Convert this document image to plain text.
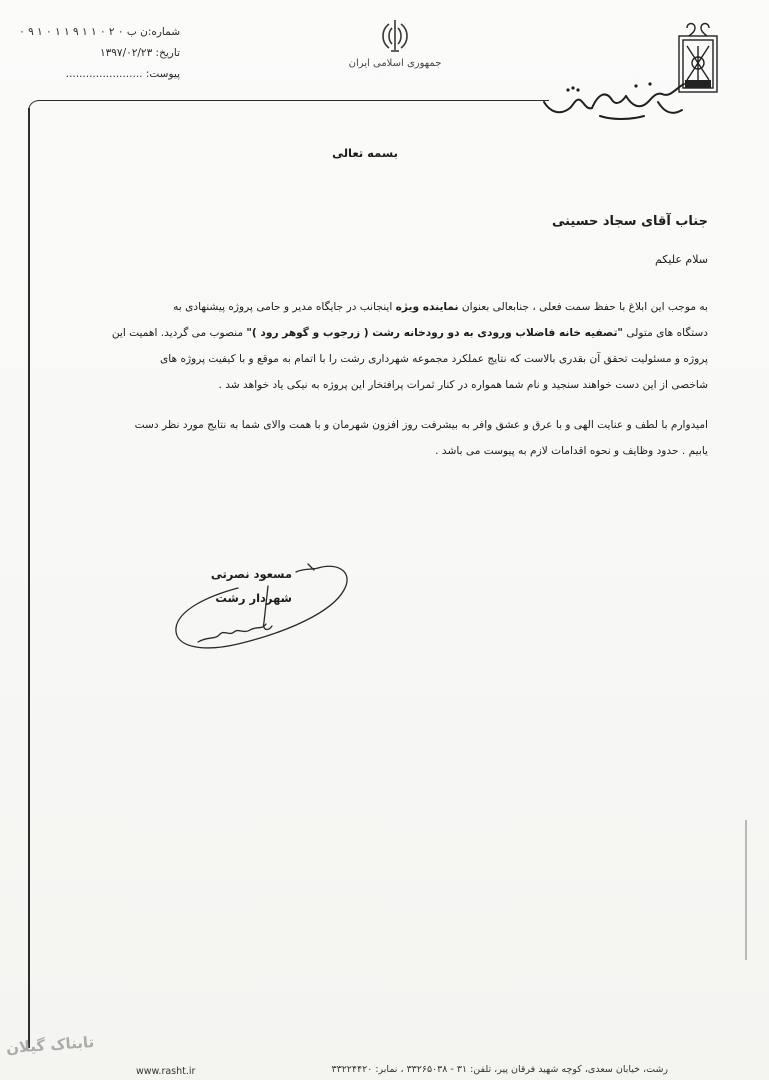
شماره:ن ب ۰ ۲ ۰ ۱ ۱ ۹ ۱ ۱ ۰ ۱ ۹ ۰
تاریخ: ۱۳۹۷/۰۲/۲۳
پیوست: .......................
جمهوری اسلامی ایران
بسمه تعالی
جناب آقای سجاد حسینی
سلام علیکم

به موجب این ابلاغ با حفظ سمت فعلی ، جنابعالی بعنوان نماینده ویژه اینجانب در جایگاه مدیر و حامی پروژه پیشنهادی به

دستگاه های متولی "تصفیه خانه فاضلاب ورودی به دو رودخانه رشت ( زرجوب و گوهر رود )" منصوب می گردید. اهمیت این

پروژه و مسئولیت تحقق آن بقدری بالاست که نتایج عملکرد مجموعه شهرداری رشت را با اتمام به موقع و با کیفیت پروژه های

شاخصی از این دست خواهند سنجید و نام شما همواره در کنار ثمرات پرافتخار این پروژه به نیکی یاد خواهد شد .

امیدوارم با لطف و عنایت الهی و با عرق و عشق وافر به بیشرفت روز افزون شهرمان و با همت والای شما به نتایج مورد نظر دست

یابیم . حدود وظایف و نحوه اقدامات لازم به پیوست می باشد .

مسعود نصرتی
شهردار رشت
رشت، خیابان سعدی، کوچه شهید فرقان پیر، تلفن: ۳۱ - ۳۳۲۶۵۰۳۸ ، نمابر: ۳۳۲۲۴۴۲۰
www.rasht.ir
تابناک گیلان
